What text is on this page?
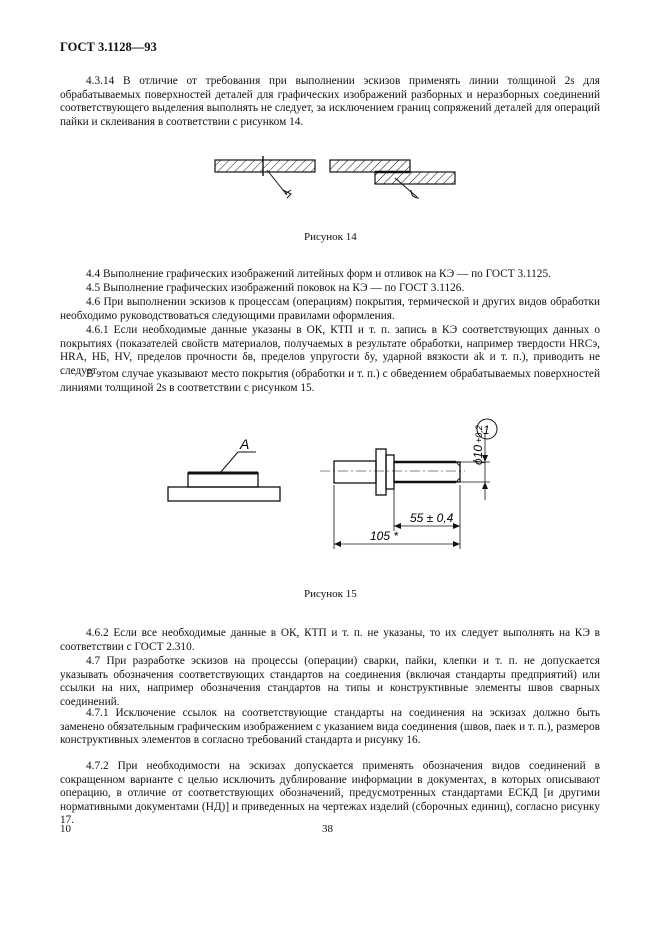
ГОСТ 3.1128—93

4.3.14 В отличие от требования при выполнении эскизов применять линии толщиной 2s для обрабатываемых поверхностей деталей для графических изображений разборных и неразборных соединений соответствующего выделения выполнять не следует, за исключением границ сопряжений деталей для операций пайки и склеивания в соответствии с рисунком 14.

Рисунок 14

4.4 Выполнение графических изображений литейных форм и отливок на КЭ — по ГОСТ 3.1125.

4.5 Выполнение графических изображений поковок на КЭ — по ГОСТ 3.1126.

4.6 При выполнении эскизов к процессам (операциям) покрытия, термической и других видов обработки необходимо руководствоваться следующими правилами оформления.

4.6.1 Если необходимые данные указаны в ОК, КТП и т. п. запись в КЭ соответствующих данных о покрытиях (показателей свойств материалов, получаемых в результате обработки, например твердости HRCэ, HRA, НБ, HV, пределов прочности δв, пределов упругости δy, ударной вязкости ak и т. п.), приводить не следует.

В этом случае указывают место покрытия (обработки и т. п.) с обведением обрабатываемых поверхностей линиями толщиной 2s в соответствии с рисунком 15.

A
ϕ10
+0,2 1
55 ± 0,4
105 *
Рисунок 15

4.6.2 Если все необходимые данные в ОК, КТП и т. п. не указаны, то их следует выполнять на КЭ в соответствии с ГОСТ 2.310.

4.7 При разработке эскизов на процессы (операции) сварки, пайки, клепки и т. п. не допускается указывать обозначения соответствующих стандартов на соединения (включая стандарты предприятий) или ссылки на них, например обозначения стандартов на типы и конструктивные элементы швов сварных соединений.

4.7.1 Исключение ссылок на соответствующие стандарты на соединения на эскизах должно быть заменено обязательным графическим изображением с указанием вида соединения (швов, паек и т. п.), размеров конструктивных элементов в согласно требований стандарта и рисунку 16.

4.7.2 При необходимости на эскизах допускается применять обозначения видов соединений в сокращенном варианте с целью исключить дублирование информации в документах, в которых описывают операцию, в отличие от соответствующих обозначений, предусмотренных стандартами ЕСКД [и другими нормативными документами (НД)] и приведенных на чертежах изделий (сборочных единиц), согласно рисунку 17.

10	38
